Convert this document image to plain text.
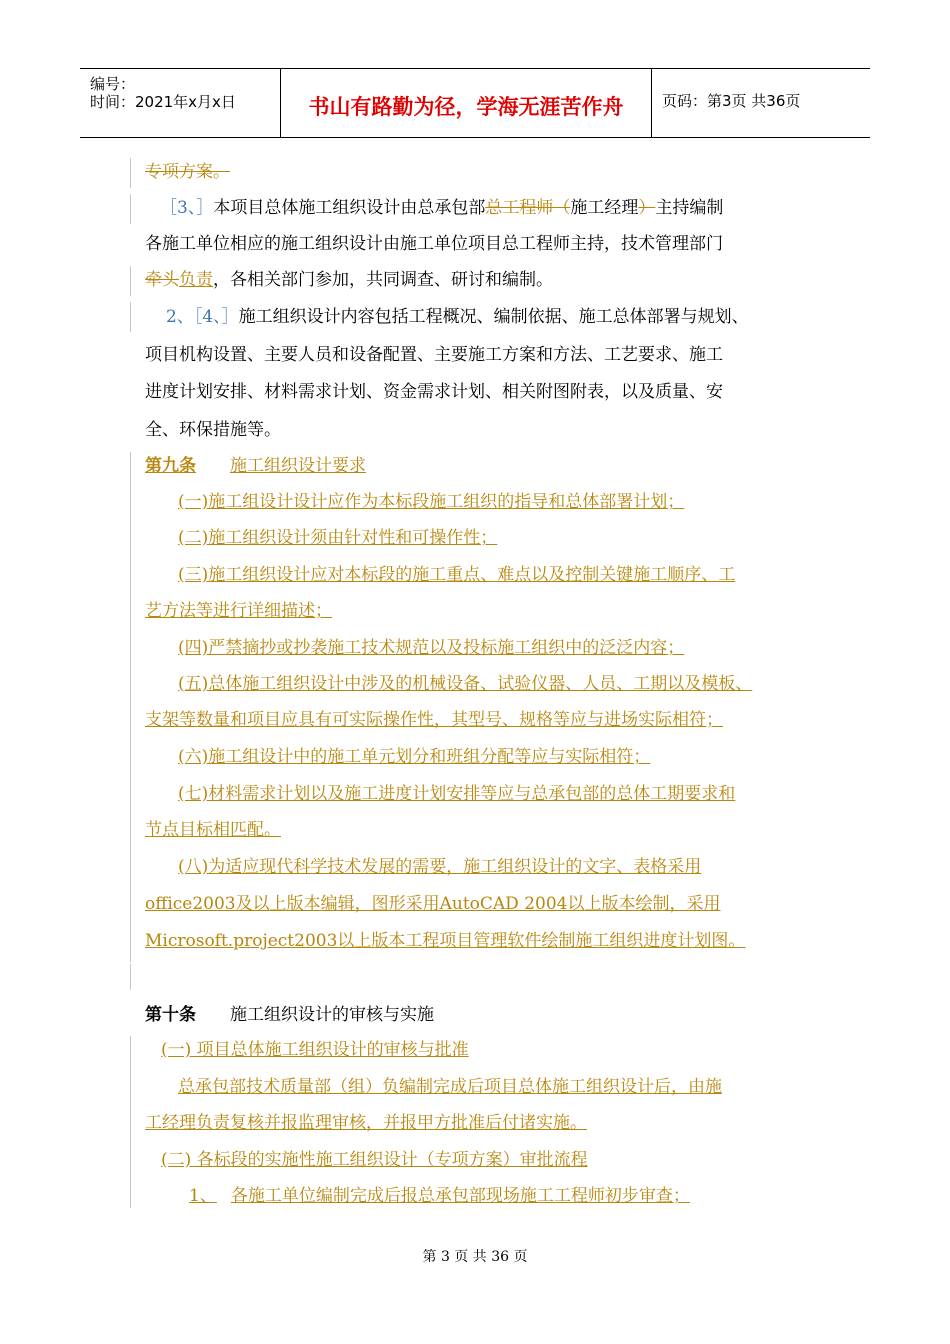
编号：
时间：2021年x月x日	书山有路勤为径，学海无涯苦作舟	页码：第3页 共36页
专项方案。
［3、］本项目总体施工组织设计由总承包部总工程师（施工经理）主持编制
各施工单位相应的施工组织设计由施工单位项目总工程师主持，技术管理部门
牵头负责，各相关部门参加，共同调查、研讨和编制。
2、［4、］施工组织设计内容包括工程概况、编制依据、施工总体部署与规划、
项目机构设置、主要人员和设备配置、主要施工方案和方法、工艺要求、施工
进度计划安排、材料需求计划、资金需求计划、相关附图附表，以及质量、安
全、环保措施等。
第九条 施工组织设计要求
(一)施工组设计设计应作为本标段施工组织的指导和总体部署计划；
(二)施工组织设计须由针对性和可操作性；
(三)施工组织设计应对本标段的施工重点、难点以及控制关键施工顺序、工
艺方法等进行详细描述；
(四)严禁摘抄或抄袭施工技术规范以及投标施工组织中的泛泛内容；
(五)总体施工组织设计中涉及的机械设备、试验仪器、人员、工期以及模板、
支架等数量和项目应具有可实际操作性，其型号、规格等应与进场实际相符；
(六)施工组设计中的施工单元划分和班组分配等应与实际相符；
(七)材料需求计划以及施工进度计划安排等应与总承包部的总体工期要求和
节点目标相匹配。
(八)为适应现代科学技术发展的需要，施工组织设计的文字、表格采用
office2003及以上版本编辑，图形采用AutoCAD 2004以上版本绘制，采用
Microsoft.project2003以上版本工程项目管理软件绘制施工组织进度计划图。
第十条 施工组织设计的审核与实施
(一) 项目总体施工组织设计的审核与批准
总承包部技术质量部（组）负编制完成后项目总体施工组织设计后，由施
工经理负责复核并报监理审核，并报甲方批准后付诸实施。
(二) 各标段的实施性施工组织设计（专项方案）审批流程
1、 各施工单位编制完成后报总承包部现场施工工程师初步审查；
第 3 页 共 36 页
